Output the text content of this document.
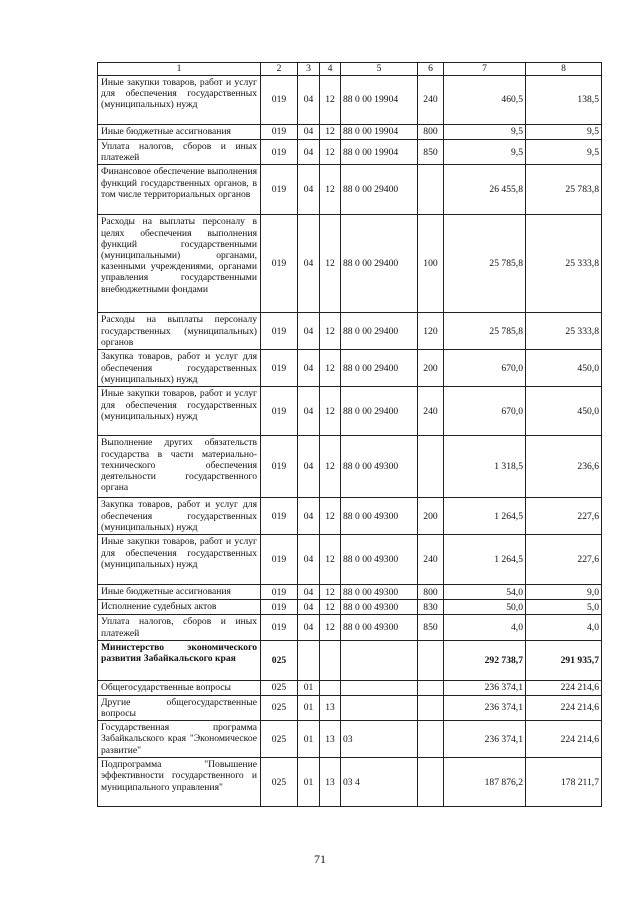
1	2	3	4	5	6	7	8
Иные закупки товаров, работ и услуг для обеспечения государственных (муниципальных) нужд	019	04	12	88 0 00 19904	240	460,5	138,5
Иные бюджетные ассигнования	019	04	12	88 0 00 19904	800	9,5	9,5
Уплата налогов, сборов и иных платежей	019	04	12	88 0 00 19904	850	9,5	9,5
Финансовое обеспечение выполнения функций государственных органов, в том числе территориальных органов	019	04	12	88 0 00 29400		26 455,8	25 783,8
Расходы на выплаты персоналу в целях обеспечения выполнения функций государственными (муниципальными) органами, казенными учреждениями, органами управления государственными внебюджетными фондами	019	04	12	88 0 00 29400	100	25 785,8	25 333,8
Расходы на выплаты персоналу государственных (муниципальных) органов	019	04	12	88 0 00 29400	120	25 785,8	25 333,8
Закупка товаров, работ и услуг для обеспечения государственных (муниципальных) нужд	019	04	12	88 0 00 29400	200	670,0	450,0
Иные закупки товаров, работ и услуг для обеспечения государственных (муниципальных) нужд	019	04	12	88 0 00 29400	240	670,0	450,0
Выполнение других обязательств государства в части материально-технического обеспечения деятельности государственного органа	019	04	12	88 0 00 49300		1 318,5	236,6
Закупка товаров, работ и услуг для обеспечения государственных (муниципальных) нужд	019	04	12	88 0 00 49300	200	1 264,5	227,6
Иные закупки товаров, работ и услуг для обеспечения государственных (муниципальных) нужд	019	04	12	88 0 00 49300	240	1 264,5	227,6
Иные бюджетные ассигнования	019	04	12	88 0 00 49300	800	54,0	9,0
Исполнение судебных актов	019	04	12	88 0 00 49300	830	50,0	5,0
Уплата налогов, сборов и иных платежей	019	04	12	88 0 00 49300	850	4,0	4,0
Министерство экономического развития Забайкальского края	025					292 738,7	291 935,7
Общегосударственные вопросы	025	01				236 374,1	224 214,6
Другие общегосударственные вопросы	025	01	13			236 374,1	224 214,6
Государственная программа Забайкальского края "Экономическое развитие"	025	01	13	03		236 374,1	224 214,6
Подпрограмма "Повышение эффективности государственного и муниципального управления"	025	01	13	03 4		187 876,2	178 211,7
71
